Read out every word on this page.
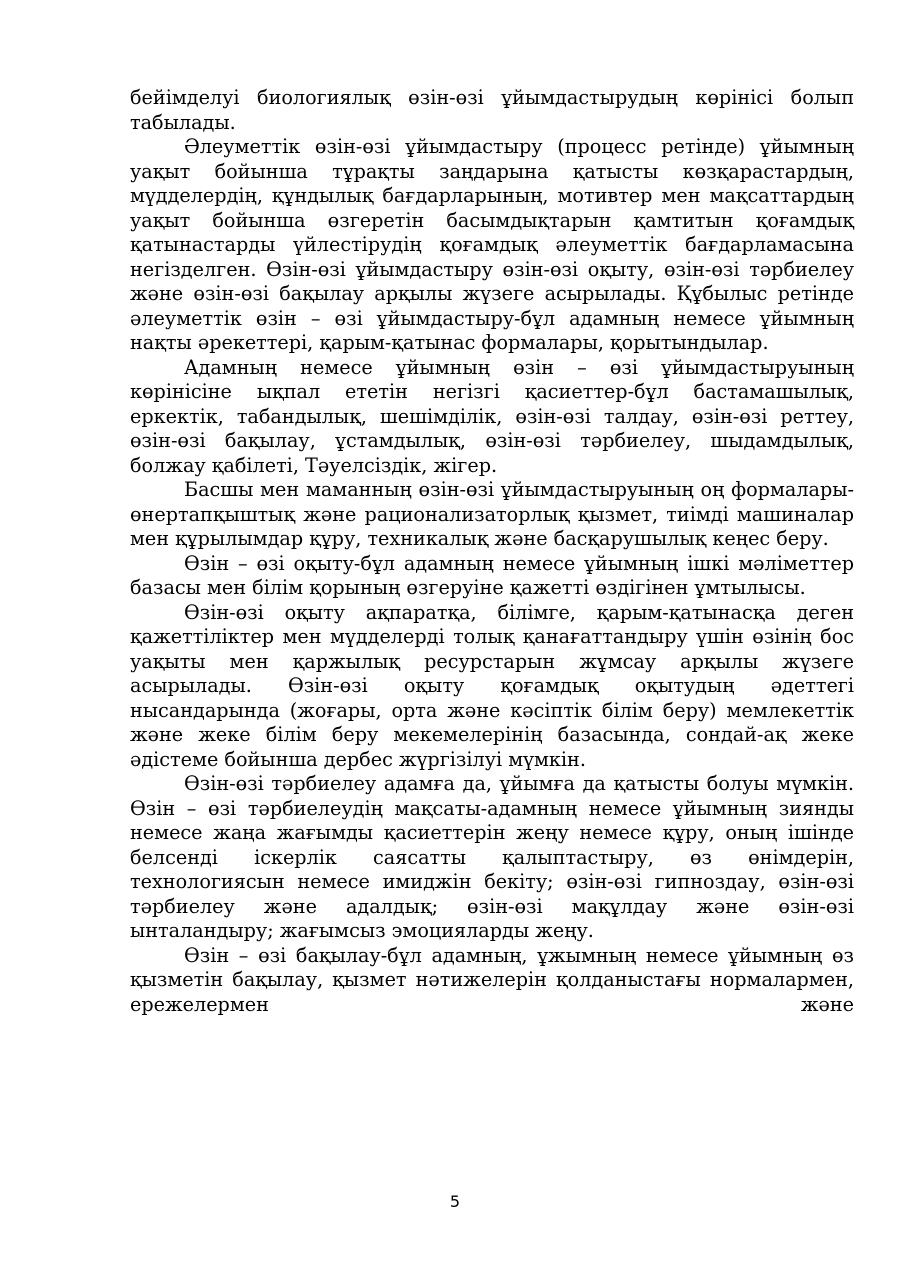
бейімделуі биологиялық өзін-өзі ұйымдастырудың көрінісі болып табылады.

Әлеуметтік өзін-өзі ұйымдастыру (процесс ретінде) ұйымның уақыт бойынша тұрақты заңдарына қатысты көзқарастардың, мүдделердің, құндылық бағдарларының, мотивтер мен мақсаттардың уақыт бойынша өзгеретін басымдықтарын қамтитын қоғамдық қатынастарды үйлестірудің қоғамдық әлеуметтік бағдарламасына негізделген. Өзін-өзі ұйымдастыру өзін-өзі оқыту, өзін-өзі тәрбиелеу және өзін-өзі бақылау арқылы жүзеге асырылады. Құбылыс ретінде әлеуметтік өзін – өзі ұйымдастыру-бұл адамның немесе ұйымның нақты әрекеттері, қарым-қатынас формалары, қорытындылар.

Адамның немесе ұйымның өзін – өзі ұйымдастыруының көрінісіне ықпал ететін негізгі қасиеттер-бұл бастамашылық, еркектік, табандылық, шешімділік, өзін-өзі талдау, өзін-өзі реттеу, өзін-өзі бақылау, ұстамдылық, өзін-өзі тәрбиелеу, шыдамдылық, болжау қабілеті, Тәуелсіздік, жігер.

Басшы мен маманның өзін-өзі ұйымдастыруының оң формалары-өнертапқыштық және рационализаторлық қызмет, тиімді машиналар мен құрылымдар құру, техникалық және басқарушылық кеңес беру.

Өзін – өзі оқыту-бұл адамның немесе ұйымның ішкі мәліметтер базасы мен білім қорының өзгеруіне қажетті өздігінен ұмтылысы.

Өзін-өзі оқыту ақпаратқа, білімге, қарым-қатынасқа деген қажеттіліктер мен мүдделерді толық қанағаттандыру үшін өзінің бос уақыты мен қаржылық ресурстарын жұмсау арқылы жүзеге асырылады. Өзін-өзі оқыту қоғамдық оқытудың әдеттегі нысандарында (жоғары, орта және кәсіптік білім беру) мемлекеттік және жеке білім беру мекемелерінің базасында, сондай-ақ жеке әдістеме бойынша дербес жүргізілуі мүмкін.

Өзін-өзі тәрбиелеу адамға да, ұйымға да қатысты болуы мүмкін. Өзін – өзі тәрбиелеудің мақсаты-адамның немесе ұйымның зиянды немесе жаңа жағымды қасиеттерін жеңу немесе құру, оның ішінде белсенді іскерлік саясатты қалыптастыру, өз өнімдерін, технологиясын немесе имиджін бекіту; өзін-өзі гипноздау, өзін-өзі тәрбиелеу және адалдық; өзін-өзі мақұлдау және өзін-өзі ынталандыру; жағымсыз эмоцияларды жеңу.

Өзін – өзі бақылау-бұл адамның, ұжымның немесе ұйымның өз қызметін бақылау, қызмет нәтижелерін қолданыстағы нормалармен, ережелермен және

5
